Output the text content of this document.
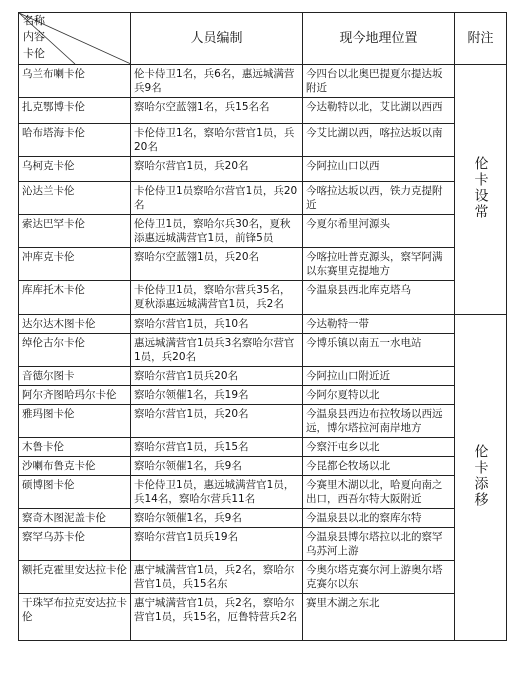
名称
内容
卡伦	人员编制	现今地理位置	附注
乌兰布喇卡伦	伦卡侍卫1名，兵6名，惠远城满营兵9名	今四台以北奥巴提夏尔提达坂附近	伦卡设常
扎克鄂博卡伦	察哈尔空蓝翎1名，兵15名名	今达勒特以北，艾比湖以西西	
哈布塔海卡伦	卡伦侍卫1名，察哈尔营官1员，兵20名	今艾比湖以西，喀拉达坂以南	
乌柯克卡伦	察哈尔营官1员，兵20名	今阿拉山口以西	
沁达兰卡伦	卡伦侍卫1员察哈尔营官1员，兵20名	今喀拉达坂以西，铁力克提附近	
索达巴罕卡伦	伦侍卫1员，察哈尔兵30名，夏秋添惠远城满营官1员，前锋5员	今夏尔希里河源头	
冲库克卡伦	察哈尔空蓝翎1员，兵20名	今喀拉吐普克源头，察罕阿满以东赛里克提地方	
库库托木卡伦	卡伦侍卫1员，察哈尔营兵35名，夏秋添惠远城满营官1员，兵2名	今温泉县西北库克塔乌	
达尔达木图卡伦	察哈尔营官1员，兵10名	今达勒特一带	伦卡添移
绰伦古尔卡伦	惠远城满营官1员兵3名察哈尔营官1员，兵20名	今博乐镇以南五一水电站	
音德尔图卡	察哈尔营官1员兵20名	今阿拉山口附近近	
阿尔齐图哈玛尔卡伦	察哈尔领催1名，兵19名	今阿尔夏特以北	
雅玛图卡伦	察哈尔营官1员，兵20名	今温泉县西边布拉牧场以西远远，博尔塔拉河南岸地方	
木鲁卡伦	察哈尔营官1员，兵15名	今察汗屯乡以北	
沙喇布鲁克卡伦	察哈尔领催1名，兵9名	今昆都仑牧场以北	
硕博图卡伦	卡伦侍卫1员，惠远城满营官1员，兵14名，察哈尔营兵11名	今赛里木湖以北，哈夏向南之出口，西吾尔特大阪附近	
察奇木图泥盖卡伦	察哈尔领催1名，兵9名	今温泉县以北的察库尔特	
察罕乌苏卡伦	察哈尔营官1员兵19名	今温泉县博尔塔拉以北的察罕乌苏河上游	
额托克霍里安达拉卡伦	惠宁城满营官1员，兵2名，察哈尔营官1员，兵15名东	今奥尔塔克赛尔河上游奥尔塔克赛尔以东	
干珠罕布拉克安达拉卡伦	惠宁城满营官1员，兵2名，察哈尔营官1员，兵15名，厄鲁特营兵2名	赛里木湖之东北	
